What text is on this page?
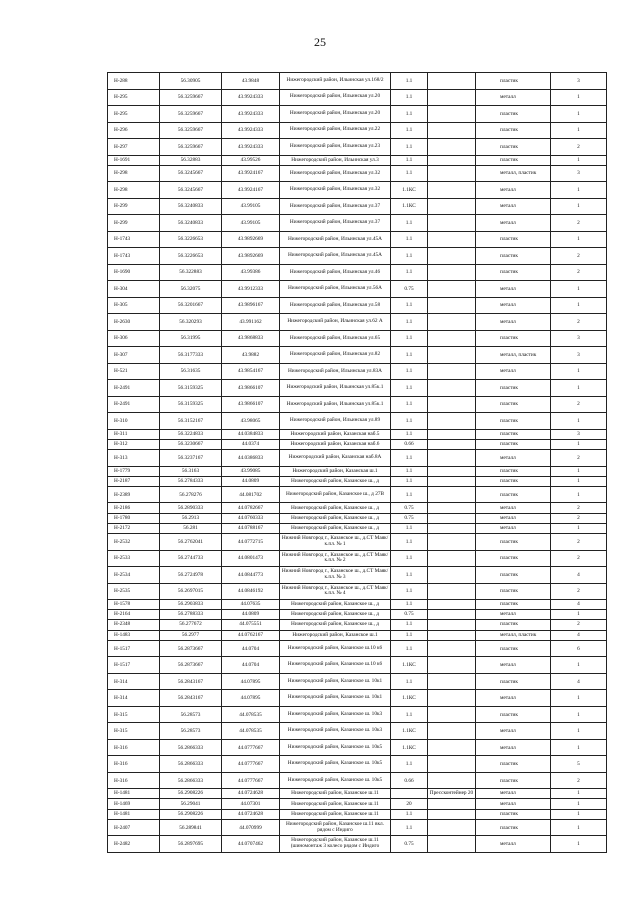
25
Н-288	56.30905	43.9848	Нижегородский район, Ильинская ул.168/2	1.1		пластик	3
Н-295	56.3259667	43.9924333	Нижегородский район, Ильинская ул.20	1.1		металл	1
Н-295	56.3259667	43.9924333	Нижегородский район, Ильинская ул.20	1.1		пластик	1
Н-296	56.3259667	43.9924333	Нижегородский район, Ильинская ул.22	1.1		пластик	1
Н-297	56.3259667	43.9924333	Нижегородский район, Ильинская ул.23	1.1		пластик	2
Н-1691	56.32883	43.99526	Нижегородский район, Ильинская ул.3	1.1		пластик	1
Н-298	56.3245667	43.9924167	Нижегородский район, Ильинская ул.32	1.1		металл, пластик	3
Н-298	56.3245667	43.9924167	Нижегородский район, Ильинская ул.32	1.1КС		металл	1
Н-299	56.3240833	43.99105	Нижегородский район, Ильинская ул.37	1.1КС		металл	1
Н-299	56.3240833	43.99105	Нижегородский район, Ильинская ул.37	1.1		металл	2
Н-1743	56.3226653	43.9892669	Нижегородский район, Ильинская ул.45А	1.1		пластик	1
Н-1743	56.3226653	43.9892669	Нижегородский район, Ильинская ул.45А	1.1		пластик	2
Н-1690	56.322883	43.99386	Нижегородский район, Ильинская ул.46	1.1		пластик	2
Н-304	56.32075	43.9912333	Нижегородский район, Ильинская ул.56А	0.75		металл	1
Н-305	56.3201667	43.9896167	Нижегородский район, Ильинская ул.58	1.1		металл	1
Н-2630	56.320293	43.991162	Нижегородский район, Ильинская ул.62 А	1.1		металл	2
Н-306	56.31995	43.9868833	Нижегородский район, Ильинская ул.65	1.1		пластик	3
Н-307	56.3177333	43.9882	Нижегородский район, Ильинская ул.82	1.1		металл, пластик	3
Н-521	56.31635	43.9854167	Нижегородский район, Ильинская ул.83А	1.1		металл	1
Н-2491	56.3159325	43.9866107	Нижегородский район, Ильинская ул.85к.1	1.1		пластик	1
Н-2491	56.3159325	43.9866107	Нижегородский район, Ильинская ул.85к.1	1.1		пластик	2
Н-310	56.3152167	43.98065	Нижегородский район, Ильинская ул.89	1.1		пластик	1
Н-311	56.3224833	44.0384833	Нижегородский район, Казанская наб.5	1.1		пластик	3
Н-312	56.3230667	44.0374	Нижегородский район, Казанская наб.6	0.66		пластик	1
Н-313	56.3237167	44.0386833	Нижегородский район, Казанская наб.8А	1.1		металл	2
Н-1779	56.3163	43.99085	Нижегородский район, Казанская ш.1	1.1		пластик	1
Н-2187	56.2784333	44.0809	Нижегородский район, Казанское ш., д	1.1		пластик	1
Н-2389	56.278276	44.081702	Нижегородский район, Казанское ш., д 27В	1.1		пластик	1
Н-2186	56.2890333	44.0782667	Нижегородский район, Казанское ш., д	0.75		металл	2
Н-1780	56.2913	44.0760333	Нижегородский район, Казанское ш., д	0.75		металл	2
Н-2172	56.281	44.0788167	Нижегородский район, Казанское ш., д	1.1		металл	1
Н-2532	56.2762041	44.0772715	Нижний Новгород г., Казанское ш., д.СТ Маяк/к.пл. № 1	1.1		пластик	2
Н-2533	56.2744733	44.0801473	Нижний Новгород г., Казанское ш., д.СТ Маяк/к.пл. № 2	1.1		пластик	2
Н-2534	56.2724978	44.0844773	Нижний Новгород г., Казанское ш., д.СТ Маяк/к.пл. № 3	1.1		пластик	4
Н-2535	56.2697015	44.0846192	Нижний Новгород г., Казанское ш., д.СТ Маяк/к.пл. № 4	1.1		пластик	2
Н-1578	56.2903833	44.07635	Нижегородский район, Казанское ш., д	1.1		пластик	4
Н-2164	56.2788333	44.0809	Нижегородский район, Казанское ш., д	0.75		металл	1
Н-2348	56.277672	44.075551	Нижегородский район, Казанское ш., д	1.1		пластик	2
Н-1483	56.2977	44.0762167	Нижегородский район, Казанское ш.1	1.1		металл, пластик	4
Н-1517	56.2873667	44.0704	Нижегородский район, Казанское ш.10 к6	1.1		пластик	6
Н-1517	56.2873667	44.0704	Нижегородский район, Казанское ш.10 к6	1.1КС		металл	1
Н-314	56.2843167	44.07895	Нижегородский район, Казанское ш. 10к1	1.1		пластик	4
Н-314	56.2843167	44.07895	Нижегородский район, Казанское ш. 10к1	1.1КС		металл	1
Н-315	56.28573	44.078535	Нижегородский район, Казанское ш. 10к3	1.1		пластик	1
Н-315	56.28573	44.078535	Нижегородский район, Казанское ш. 10к3	1.1КС		металл	1
Н-316	56.2866333	44.0777667	Нижегородский район, Казанское ш. 10к5	1.1КС		металл	1
Н-316	56.2866333	44.0777667	Нижегородский район, Казанское ш. 10к5	1.1		пластик	5
Н-316	56.2866333	44.0777667	Нижегородский район, Казанское ш. 10к5	0.66		пластик	2
Н-1481	56.2908226	44.0724628	Нижегородский район, Казанское ш.11		Прессконтейнер 20	металл	1
Н-1469	56.29041	44.07301	Нижегородский район, Казанское ш.11	20		металл	1
Н-1481	56.2908226	44.0724628	Нижегородский район, Казанское ш.11	1.1		пластик	1
Н-2407	56.289841	44.070999	Нижегородский район, Казанское ш.11 вкл. рядом с Индиго	1.1		пластик	1
Н-2482	56.2897695	44.0707462	Нижегородский район, Казанское ш.11 (шиномонтаж 3 колесо рядом с Индиго	0.75		металл	1
